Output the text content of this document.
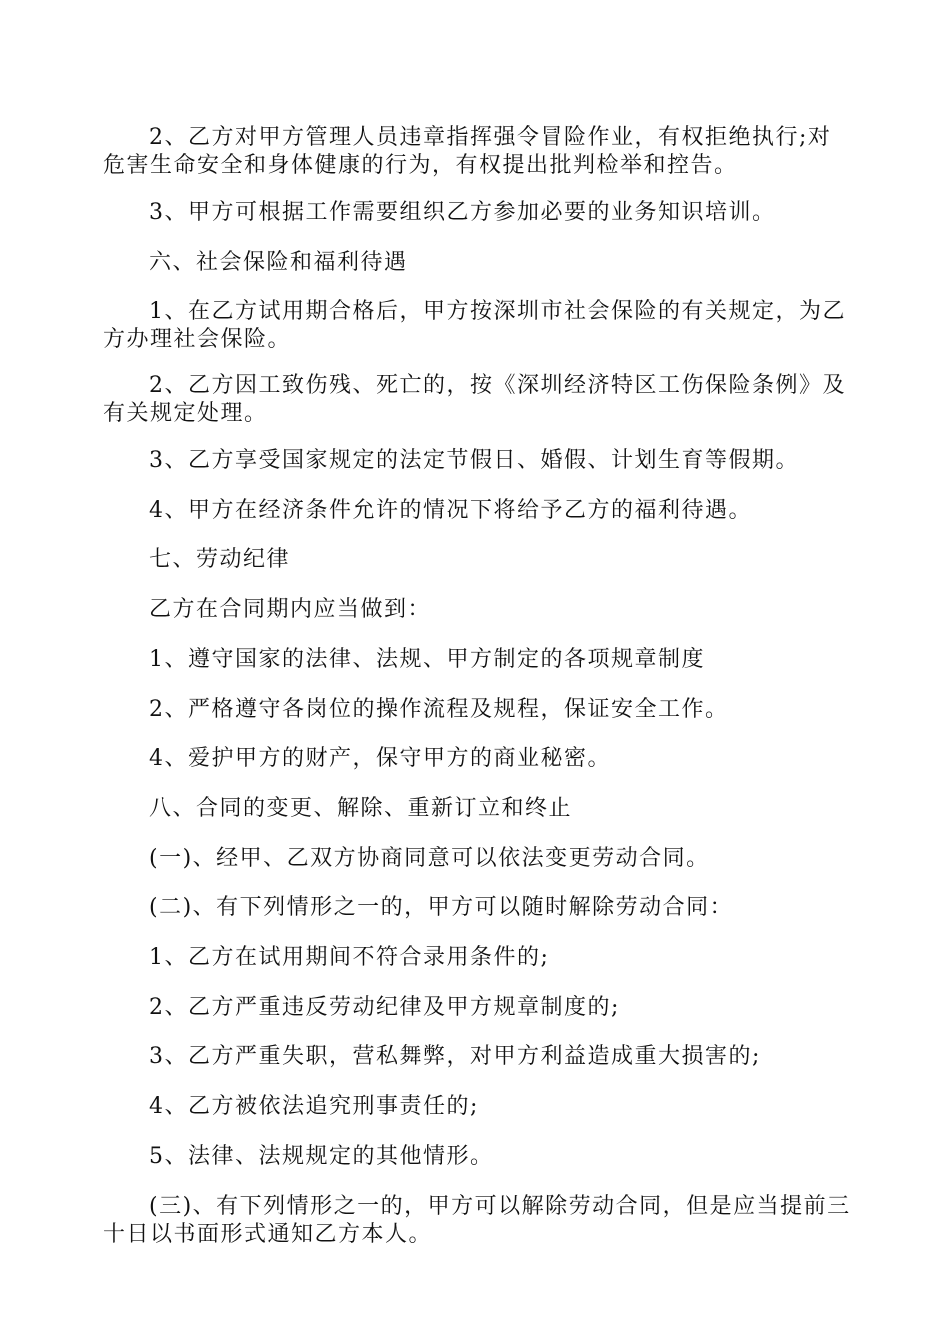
2、乙方对甲方管理人员违章指挥强令冒险作业，有权拒绝执行;对危害生命安全和身体健康的行为，有权提出批判检举和控告。

3、甲方可根据工作需要组织乙方参加必要的业务知识培训。

六、社会保险和福利待遇

1、在乙方试用期合格后，甲方按深圳市社会保险的有关规定，为乙方办理社会保险。

2、乙方因工致伤残、死亡的，按《深圳经济特区工伤保险条例》及有关规定处理。

3、乙方享受国家规定的法定节假日、婚假、计划生育等假期。

4、甲方在经济条件允许的情况下将给予乙方的福利待遇。

七、劳动纪律

乙方在合同期内应当做到：

1、遵守国家的法律、法规、甲方制定的各项规章制度

2、严格遵守各岗位的操作流程及规程，保证安全工作。

4、爱护甲方的财产，保守甲方的商业秘密。

八、合同的变更、解除、重新订立和终止

(一)、经甲、乙双方协商同意可以依法变更劳动合同。

(二)、有下列情形之一的，甲方可以随时解除劳动合同：

1、乙方在试用期间不符合录用条件的;

2、乙方严重违反劳动纪律及甲方规章制度的;

3、乙方严重失职，营私舞弊，对甲方利益造成重大损害的;

4、乙方被依法追究刑事责任的;

5、法律、法规规定的其他情形。

(三)、有下列情形之一的，甲方可以解除劳动合同，但是应当提前三十日以书面形式通知乙方本人。
